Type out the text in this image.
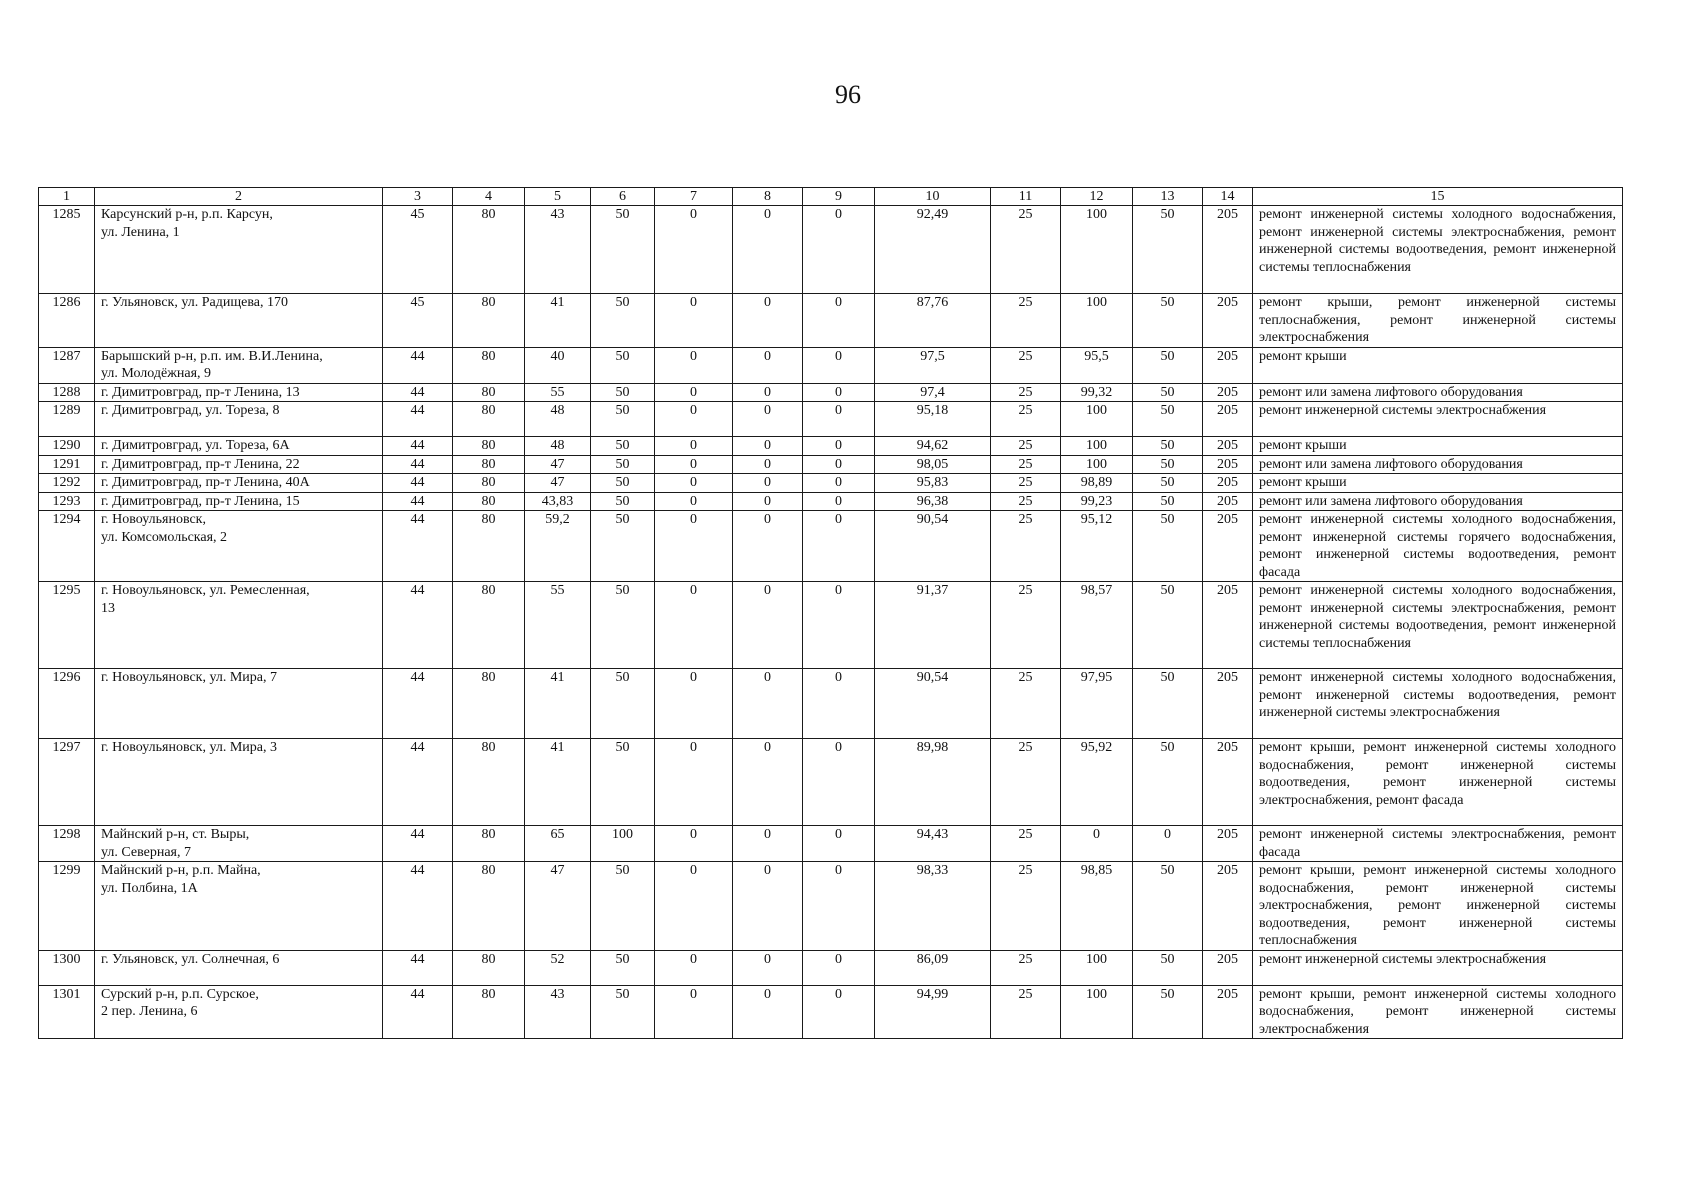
96
1	2	3	4	5	6	7	8	9	10	11	12	13	14	15
1285	Карсунский р-н, р.п. Карсун,
ул. Ленина, 1	45	80	43	50	0	0	0	92,49	25	100	50	205	ремонт инженерной системы холодного водоснабжения, ремонт инженерной системы электроснабжения, ремонт инженерной системы водоотведения, ремонт инженерной системы теплоснабжения
1286	г. Ульяновск, ул. Радищева, 170	45	80	41	50	0	0	0	87,76	25	100	50	205	ремонт крыши, ремонт инженерной системы теплоснабжения, ремонт инженерной системы электроснабжения
1287	Барышский р-н, р.п. им. В.И.Ленина,
ул. Молодёжная, 9	44	80	40	50	0	0	0	97,5	25	95,5	50	205	ремонт крыши
1288	г. Димитровград, пр-т Ленина, 13	44	80	55	50	0	0	0	97,4	25	99,32	50	205	ремонт или замена лифтового оборудования
1289	г. Димитровград, ул. Тореза, 8	44	80	48	50	0	0	0	95,18	25	100	50	205	ремонт инженерной системы электроснабжения
1290	г. Димитровград, ул. Тореза, 6А	44	80	48	50	0	0	0	94,62	25	100	50	205	ремонт крыши
1291	г. Димитровград, пр-т Ленина, 22	44	80	47	50	0	0	0	98,05	25	100	50	205	ремонт или замена лифтового оборудования
1292	г. Димитровград, пр-т Ленина, 40А	44	80	47	50	0	0	0	95,83	25	98,89	50	205	ремонт крыши
1293	г. Димитровград, пр-т Ленина, 15	44	80	43,83	50	0	0	0	96,38	25	99,23	50	205	ремонт или замена лифтового оборудования
1294	г. Новоульяновск,
ул. Комсомольская, 2	44	80	59,2	50	0	0	0	90,54	25	95,12	50	205	ремонт инженерной системы холодного водоснабжения, ремонт инженерной системы горячего водоснабжения, ремонт инженерной системы водоотведения, ремонт фасада
1295	г. Новоульяновск, ул. Ремесленная,
13	44	80	55	50	0	0	0	91,37	25	98,57	50	205	ремонт инженерной системы холодного водоснабжения, ремонт инженерной системы электроснабжения, ремонт инженерной системы водоотведения, ремонт инженерной системы теплоснабжения
1296	г. Новоульяновск, ул. Мира, 7	44	80	41	50	0	0	0	90,54	25	97,95	50	205	ремонт инженерной системы холодного водоснабжения, ремонт инженерной системы водоотведения, ремонт инженерной системы электроснабжения
1297	г. Новоульяновск, ул. Мира, 3	44	80	41	50	0	0	0	89,98	25	95,92	50	205	ремонт крыши, ремонт инженерной системы холодного водоснабжения, ремонт инженерной системы водоотведения, ремонт инженерной системы электроснабжения, ремонт фасада
1298	Майнский р-н, ст. Выры,
ул. Северная, 7	44	80	65	100	0	0	0	94,43	25	0	0	205	ремонт инженерной системы электроснабжения, ремонт фасада
1299	Майнский р-н, р.п. Майна,
ул. Полбина, 1А	44	80	47	50	0	0	0	98,33	25	98,85	50	205	ремонт крыши, ремонт инженерной системы холодного водоснабжения, ремонт инженерной системы электроснабжения, ремонт инженерной системы водоотведения, ремонт инженерной системы теплоснабжения
1300	г. Ульяновск, ул. Солнечная, 6	44	80	52	50	0	0	0	86,09	25	100	50	205	ремонт инженерной системы электроснабжения
1301	Сурский р-н, р.п. Сурское,
2 пер. Ленина, 6	44	80	43	50	0	0	0	94,99	25	100	50	205	ремонт крыши, ремонт инженерной системы холодного водоснабжения, ремонт инженерной системы электроснабжения
